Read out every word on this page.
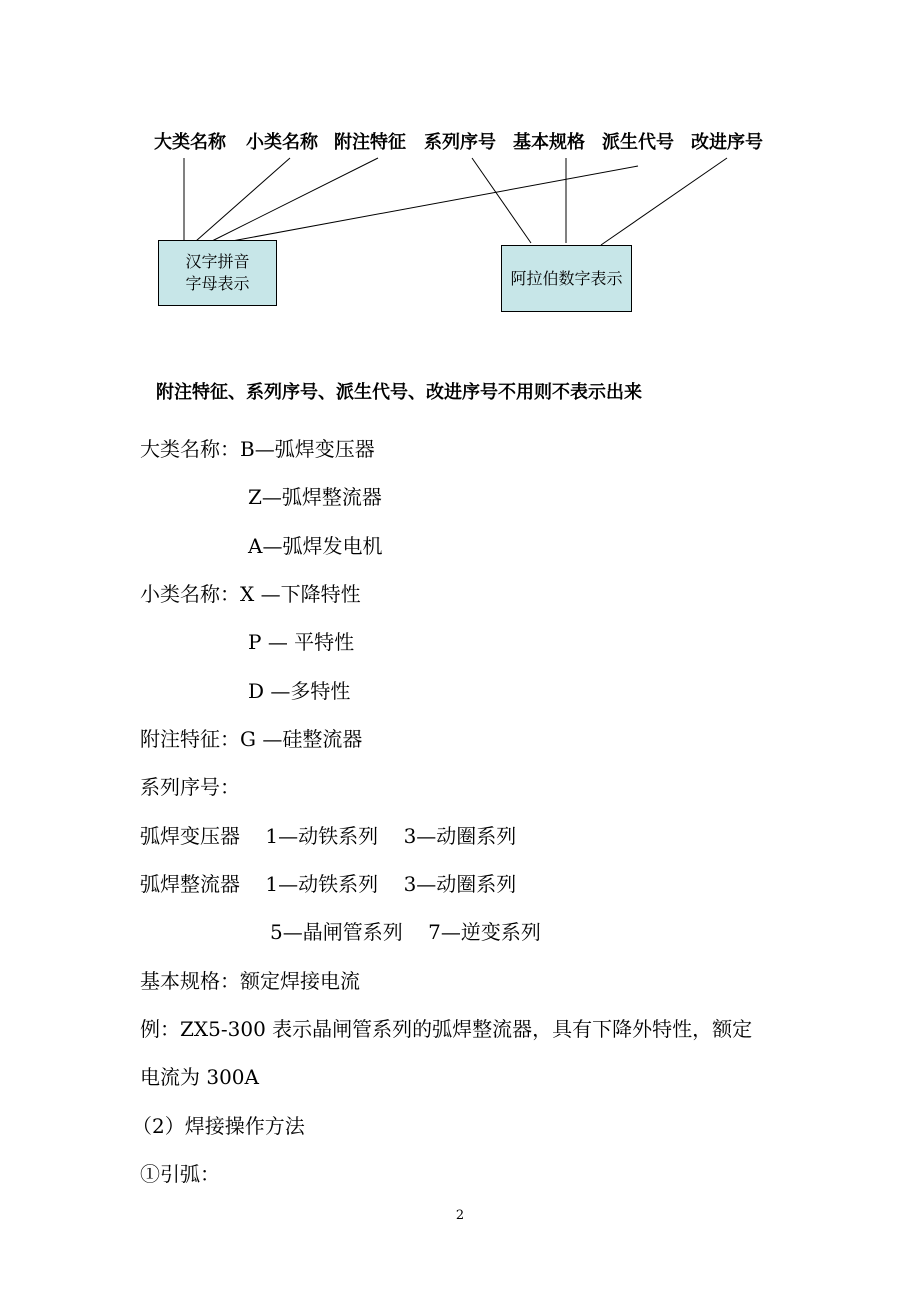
大类名称 小类名称 附注特征 系列序号 基本规格 派生代号 改进序号
汉字拼音
字母表示	阿拉伯数字表示
附注特征、系列序号、派生代号、改进序号不用则不表示出来
大类名称：B—弧焊变压器
Z—弧焊整流器
A—弧焊发电机
小类名称：X —下降特性
P — 平特性
D —多特性
附注特征：G —硅整流器
系列序号：
弧焊变压器    1—动铁系列    3—动圈系列
弧焊整流器    1—动铁系列    3—动圈系列
5—晶闸管系列    7—逆变系列
基本规格：额定焊接电流
例：ZX5-300 表示晶闸管系列的弧焊整流器，具有下降外特性，额定
电流为 300A
（2）焊接操作方法
①引弧：
2
